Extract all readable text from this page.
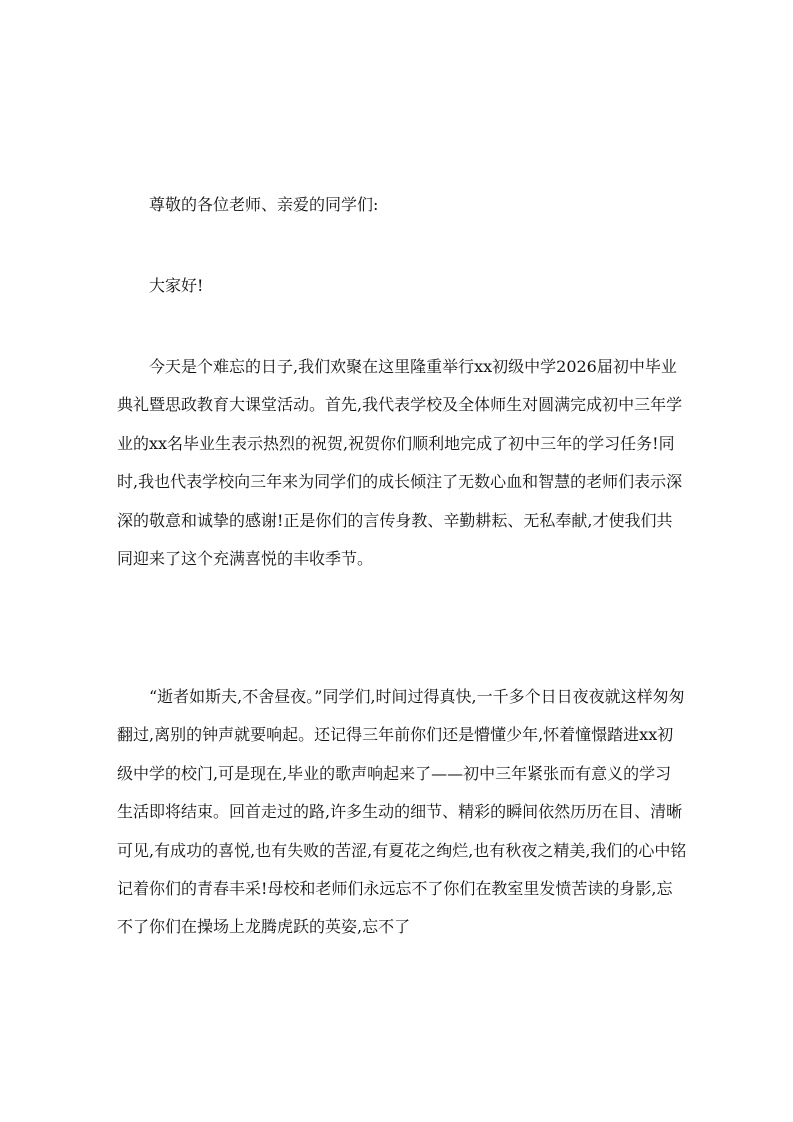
尊敬的各位老师、亲爱的同学们:

大家好!

今天是个难忘的日子,我们欢聚在这里隆重举行xx初级中学2026届初中毕业典礼暨思政教育大课堂活动。首先,我代表学校及全体师生对圆满完成初中三年学业的xx名毕业生表示热烈的祝贺,祝贺你们顺利地完成了初中三年的学习任务!同时,我也代表学校向三年来为同学们的成长倾注了无数心血和智慧的老师们表示深深的敬意和诚挚的感谢!正是你们的言传身教、辛勤耕耘、无私奉献,才使我们共同迎来了这个充满喜悦的丰收季节。

“逝者如斯夫,不舍昼夜。”同学们,时间过得真快,一千多个日日夜夜就这样匆匆翻过,离别的钟声就要响起。还记得三年前你们还是懵懂少年,怀着憧憬踏进xx初级中学的校门,可是现在,毕业的歌声响起来了——初中三年紧张而有意义的学习生活即将结束。回首走过的路,许多生动的细节、精彩的瞬间依然历历在目、清晰可见,有成功的喜悦,也有失败的苦涩,有夏花之绚烂,也有秋夜之精美,我们的心中铭记着你们的青春丰采!母校和老师们永远忘不了你们在教室里发愤苦读的身影,忘不了你们在操场上龙腾虎跃的英姿,忘不了
